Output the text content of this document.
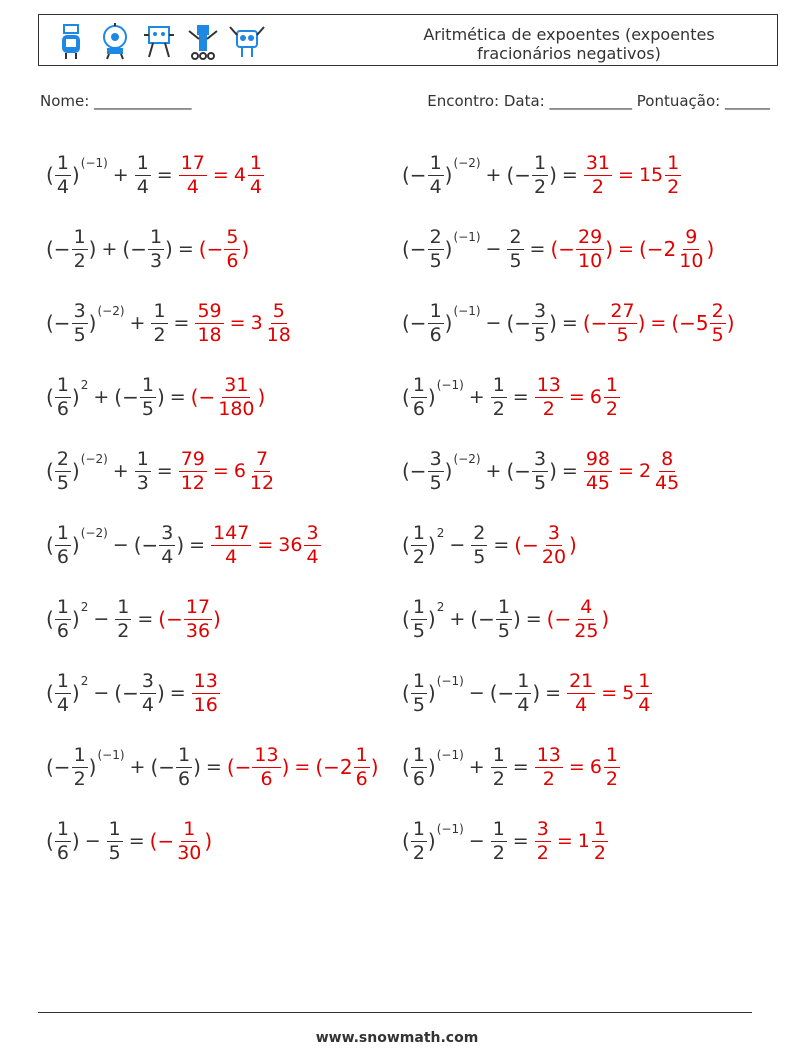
Aritmética de expoentes (expoentes
fracionários negativos)
Nome: _____________	Encontro: Data: ___________ Pontuação: ______
( $\frac{1}{4}$ ) (−1)
+ $\frac{1}{4} = \frac{17}{4} = 4 \frac{1}{4}$	(− $\frac{1}{4}$ ) (−2)
+ (− $\frac{1}{2}$ ) = $\frac{31}{2} = 15 \frac{1}{2}$
(− $\frac{1}{2}$ ) + (− $\frac{1}{3}$ ) = (− $\frac{5}{6}$ )	(− $\frac{2}{5}$ ) (−1)
− $\frac{2}{5}$ = (− $\frac{29}{10}$ ) = ($-2 \frac{9}{10}$ )
(− $\frac{3}{5}$ ) (−2)
+ $\frac{1}{2} = \frac{59}{18} = 3 \frac{5}{18}$	(− $\frac{1}{6}$ ) (−1)
− (− $\frac{3}{5}$ ) = (− $\frac{27}{5}$ ) = ($-5 \frac{2}{5}$ )
( $\frac{1}{6}$ ) 2
+ (− $\frac{1}{5}$ ) = (− $\frac{31}{180}$ )	( $\frac{1}{6}$ ) (−1)
+ $\frac{1}{2} = \frac{13}{2} = 6 \frac{1}{2}$
( $\frac{2}{5}$ ) (−2)
+ $\frac{1}{3} = \frac{79}{12} = 6 \frac{7}{12}$	(− $\frac{3}{5}$ ) (−2)
+ (− $\frac{3}{5}$ ) = $\frac{98}{45} = 2 \frac{8}{45}$
( $\frac{1}{6}$ ) (−2)
− (− $\frac{3}{4}$ ) = $\frac{147}{4} = 36 \frac{3}{4}$	( $\frac{1}{2}$ ) 2
− $\frac{2}{5}$ = (− $\frac{3}{20}$ )
( $\frac{1}{6}$ ) 2
− $\frac{1}{2}$ = (− $\frac{17}{36}$ )	( $\frac{1}{5}$ ) 2
+ (− $\frac{1}{5}$ ) = (− $\frac{4}{25}$ )
( $\frac{1}{4}$ ) 2
− (− $\frac{3}{4}$ ) = $\frac{13}{16}$	( $\frac{1}{5}$ ) (−1)
− (− $\frac{1}{4}$ ) = $\frac{21}{4} = 5 \frac{1}{4}$
(− $\frac{1}{2}$ ) (−1)
+ (− $\frac{1}{6}$ ) = (− $\frac{13}{6}$ ) = ($-2 \frac{1}{6}$ ) ( $\frac{1}{6}$ ) (−1)
+ $\frac{1}{2} = \frac{13}{2} = 6 \frac{1}{2}$
( $\frac{1}{6}$ ) − $\frac{1}{5}$ = (− $\frac{1}{30}$ )	( $\frac{1}{2}$ ) (−1)
− $\frac{1}{2} = \frac{3}{2} = 1 \frac{1}{2}$
www.snowmath.com
